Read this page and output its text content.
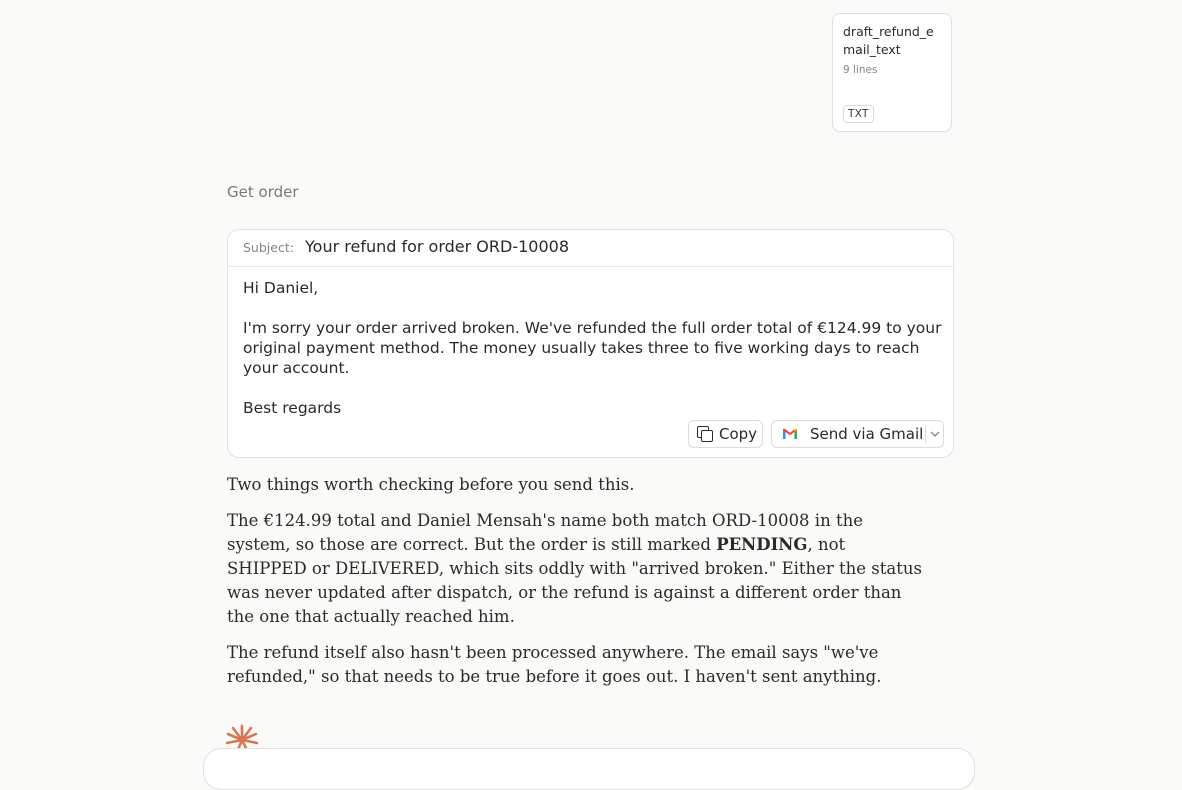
draft_refund_email_text
9 lines
TXT
Get order
Subject: Your refund for order ORD-10008

Hi Daniel,

I'm sorry your order arrived broken. We've refunded the full order total of €124.99 to your original payment method. The money usually takes three to five working days to reach your account.

Best regards

Copy	Send via Gmail

Two things worth checking before you send this.

The €124.99 total and Daniel Mensah's name both match ORD-10008 in the system, so those are correct. But the order is still marked PENDING, not SHIPPED or DELIVERED, which sits oddly with "arrived broken." Either the status was never updated after dispatch, or the refund is against a different order than the one that actually reached him.

The refund itself also hasn't been processed anywhere. The email says "we've refunded," so that needs to be true before it goes out. I haven't sent anything.
